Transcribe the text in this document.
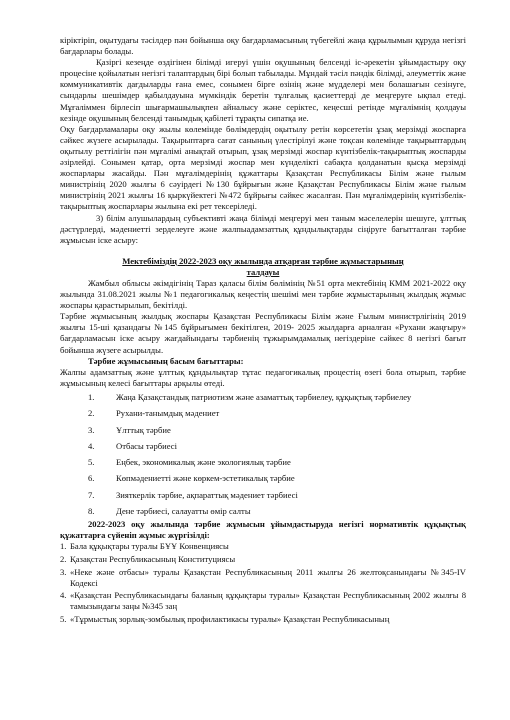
кіріктіріп, оқытудағы тәсілдер пән бойынша оқу бағдарламасының түбегейлі жаңа құрылымын құруда негізгі бағдарлары болады.

Қазіргі кезеңде өздігінен білімді игеруі үшін оқушының белсенді іс-әрекетін ұйымдастыру оқу процесіне қойылатын негізгі талаптардың бірі болып табылады. Мұндай тәсіл пәндік білімді, әлеуметтік және коммуникативтік дағдыларды ғана емес, сонымен бірге өзінің және мүдделері мен болашағын сезінуге, сындарлы шешімдер қабылдауына мүмкіндік беретін тұлғалық қасиеттерді де меңгеруге ықпал етеді. Мұғаліммен бірлесіп шығармашылықпен айналысу және серіктес, кеңесші ретінде мұғалімнің қолдауы кезінде оқушының белсенді танымдық қабілеті тұрақты сипатқа ие.

Оқу бағдарламалары оқу жылы көлемінде бөлімдердің оқытылу ретін көрсететін ұзақ мерзімді жоспарға сәйкес жүзеге асырылады. Тақырыптарға сағат санының үлестірілуі және тоқсан көлемінде тақырыптардың оқытылу реттілігін пән мұғалімі анықтай отырып, ұзақ мерзімді жоспар күнтізбелік-тақырыптық жоспарды әзірлейді. Сонымен қатар, орта мерзімді жоспар мен күнделікті сабақта қолданатын қысқа мерзімді жоспарлары жасайды. Пән мұғалімдерінің құжаттары Қазақстан Республикасы Білім және ғылым министрінің 2020 жылғы 6 сәуірдегі №130 бұйрығын және Қазақстан Республикасы Білім және ғылым министрінің 2021 жылғы 16 қыркүйектегі №472 бұйрығы сәйкес жасалған. Пән мұғалімдерінің күнтізбелік-тақырыптық жоспарлары жылына екі рет тексеріледі.

3) білім алушылардың субъективті жаңа білімді меңгеруі мен таным мәселелерін шешуге, ұлттық дәстүрлерді, мәдениетті зерделеуге және жалпыадамзаттық құндылықтарды сіңіруге бағытталған тәрбие жұмысын іске асыру:

Мектебіміздің 2022-2023 оқу жылында атқарған тәрбие жұмыстарының
талдауы

Жамбыл облысы әкімдігінің Тараз қаласы білім бөлімінің №51 орта мектебінің КММ 2021-2022 оқу жылында 31.08.2021 жылы №1 педагогикалық кеңестің шешімі мен тәрбие жұмыстарының жылдық жұмыс жоспары қарастырылып, бекітілді.

Тәрбие жұмысының жылдық жоспары Қазақстан Республикасы Білім және Ғылым министрлігінің 2019 жылғы 15-ші қазандағы №145 бұйрығымен бекітілген, 2019- 2025 жылдарға арналған «Рухани жаңғыру» бағдарламасын іске асыру жағдайындағы тәрбиенің тұжырымдамалық негіздеріне сәйкес 8 негізгі бағыт бойынша жүзеге асырылды.

Тәрбие жұмысының басым бағыттары:

Жалпы адамзаттық және ұлттық құндылықтар тұтас педагогикалық процестің өзегі бола отырып, тәрбие жұмысының келесі бағыттары арқылы өтеді.

1.	Жаңа Қазақстандық патриотизм және азаматтық тәрбиелеу, құқықтық тәрбиелеу
2.	Рухани-танымдық мәдениет
3.	Ұлттық тәрбие
4.	Отбасы тәрбиесі
5.	Еңбек, экономикалық және экологиялық тәрбие
6.	Көпмәдениетті және көркем-эстетикалық тәрбие
7.	Зияткерлік тәрбие, ақпараттық мәдениет тәрбиесі
8.	Дене тәрбиесі, салауатты өмір салты

2022-2023 оқу жылында тәрбие жұмысын ұйымдастыруда негізгі нормативтік құқықтық құжаттарға сүйеніп жұмыс жүргізілді:

1. Бала құқықтары туралы БҰҰ Конвенциясы
2. Қазақстан Республикасының Конституциясы
3. «Неке және отбасы» туралы Қазақстан Республикасының 2011 жылғы 26 желтоқсанындағы №345-IV Кодексі
4. «Қазақстан Республикасындағы баланың құқықтары туралы» Қазақстан Республикасының 2002 жылғы 8 тамызындағы заңы №345 заң
5. «Тұрмыстық зорлық-зомбылық профилактикасы туралы» Қазақстан Республикасының
